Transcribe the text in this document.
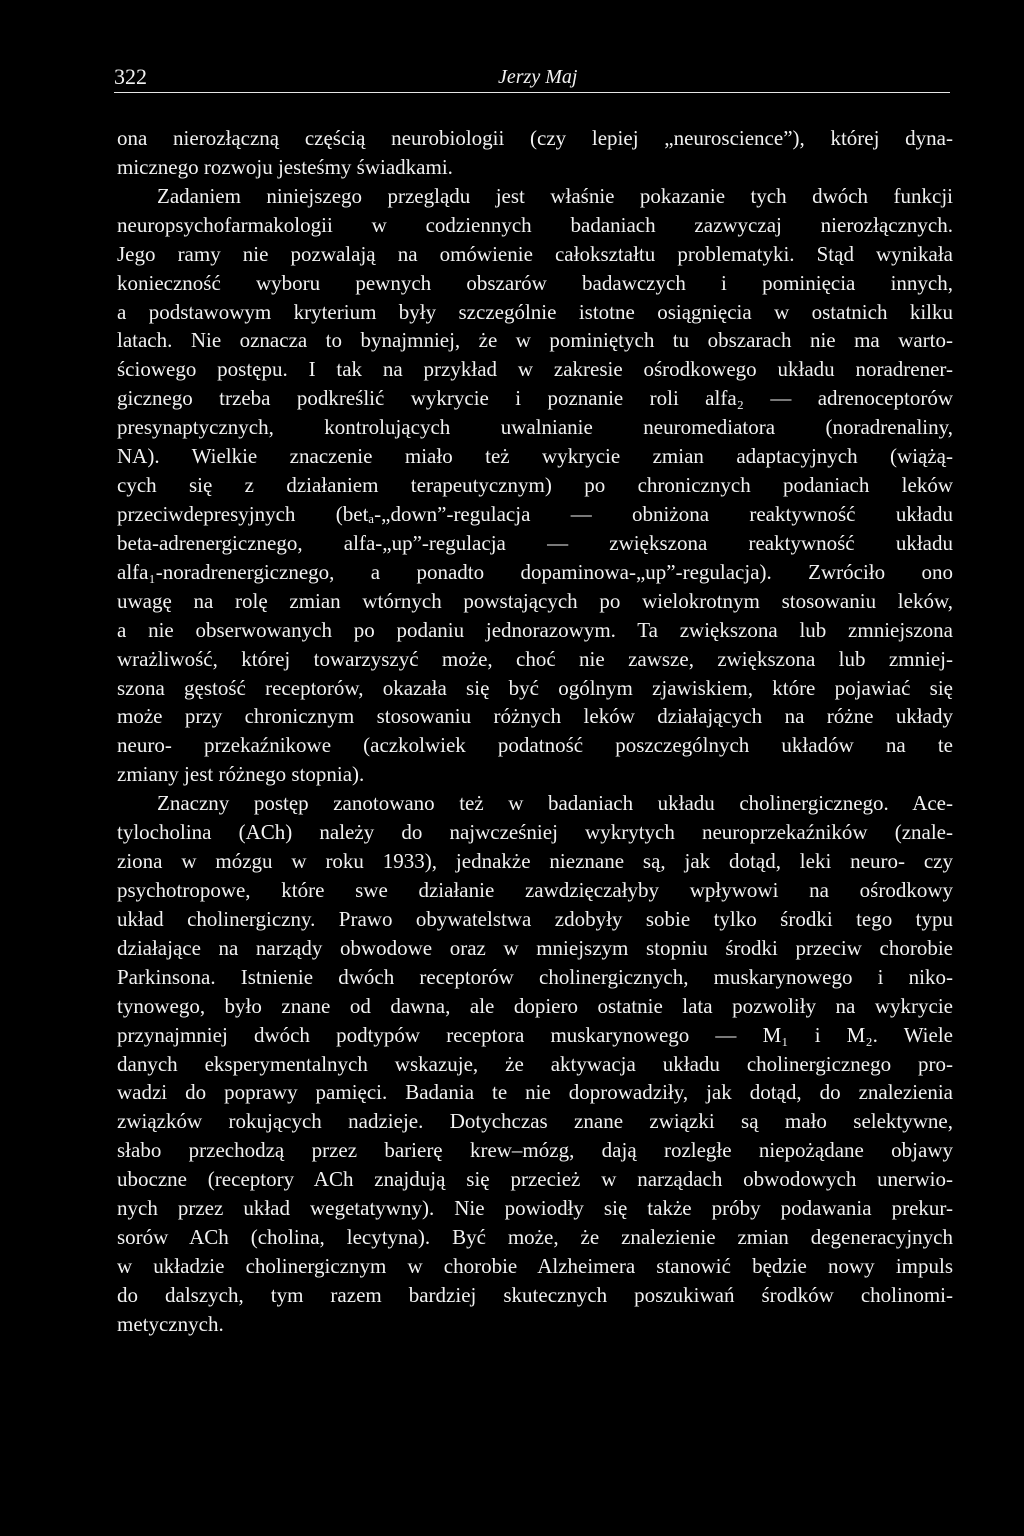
322	Jerzy Maj

ona nierozłączną częścią neurobiologii (czy lepiej „neuroscience”), której dyna-
micznego rozwoju jesteśmy świadkami.

Zadaniem niniejszego przeglądu jest właśnie pokazanie tych dwóch funkcji
neuropsychofarmakologii w codziennych badaniach zazwyczaj nierozłącznych.
Jego ramy nie pozwalają na omówienie całokształtu problematyki. Stąd wynikała
konieczność wyboru pewnych obszarów badawczych i pominięcia innych,
a podstawowym kryterium były szczególnie istotne osiągnięcia w ostatnich kilku
latach. Nie oznacza to bynajmniej, że w pominiętych tu obszarach nie ma warto-
ściowego postępu. I tak na przykład w zakresie ośrodkowego układu noradrener-
gicznego trzeba podkreślić wykrycie i poznanie roli alfa₂ — adrenoceptorów
presynaptycznych, kontrolujących uwalnianie neuromediatora (noradrenaliny,
NA). Wielkie znaczenie miało też wykrycie zmian adaptacyjnych (wiążą-
cych się z działaniem terapeutycznym) po chronicznych podaniach leków
przeciwdepresyjnych (betₐ-„down”-regulacja — obniżona reaktywność układu
beta-adrenergicznego, alfa-„up”-regulacja — zwiększona reaktywność układu
alfa₁-noradrenergicznego, a ponadto dopaminowa-„up”-regulacja). Zwróciło ono
uwagę na rolę zmian wtórnych powstających po wielokrotnym stosowaniu leków,
a nie obserwowanych po podaniu jednorazowym. Ta zwiększona lub zmniejszona
wrażliwość, której towarzyszyć może, choć nie zawsze, zwiększona lub zmniej-
szona gęstość receptorów, okazała się być ogólnym zjawiskiem, które pojawiać się
może przy chronicznym stosowaniu różnych leków działających na różne układy
neuro- przekaźnikowe (aczkolwiek podatność poszczególnych układów na te
zmiany jest różnego stopnia).

Znaczny postęp zanotowano też w badaniach układu cholinergicznego. Ace-
tylocholina (ACh) należy do najwcześniej wykrytych neuroprzekaźników (znale-
ziona w mózgu w roku 1933), jednakże nieznane są, jak dotąd, leki neuro- czy
psychotropowe, które swe działanie zawdzięczałyby wpływowi na ośrodkowy
układ cholinergiczny. Prawo obywatelstwa zdobyły sobie tylko środki tego typu
działające na narządy obwodowe oraz w mniejszym stopniu środki przeciw chorobie
Parkinsona. Istnienie dwóch receptorów cholinergicznych, muskarynowego i niko-
tynowego, było znane od dawna, ale dopiero ostatnie lata pozwoliły na wykrycie
przynajmniej dwóch podtypów receptora muskarynowego — M₁ i M₂. Wiele
danych eksperymentalnych wskazuje, że aktywacja układu cholinergicznego pro-
wadzi do poprawy pamięci. Badania te nie doprowadziły, jak dotąd, do znalezienia
związków rokujących nadzieje. Dotychczas znane związki są mało selektywne,
słabo przechodzą przez barierę krew–mózg, dają rozległe niepożądane objawy
uboczne (receptory ACh znajdują się przecież w narządach obwodowych unerwio-
nych przez układ wegetatywny). Nie powiodły się także próby podawania prekur-
sorów ACh (cholina, lecytyna). Być może, że znalezienie zmian degeneracyjnych
w układzie cholinergicznym w chorobie Alzheimera stanowić będzie nowy impuls
do dalszych, tym razem bardziej skutecznych poszukiwań środków cholinomi-
metycznych.
